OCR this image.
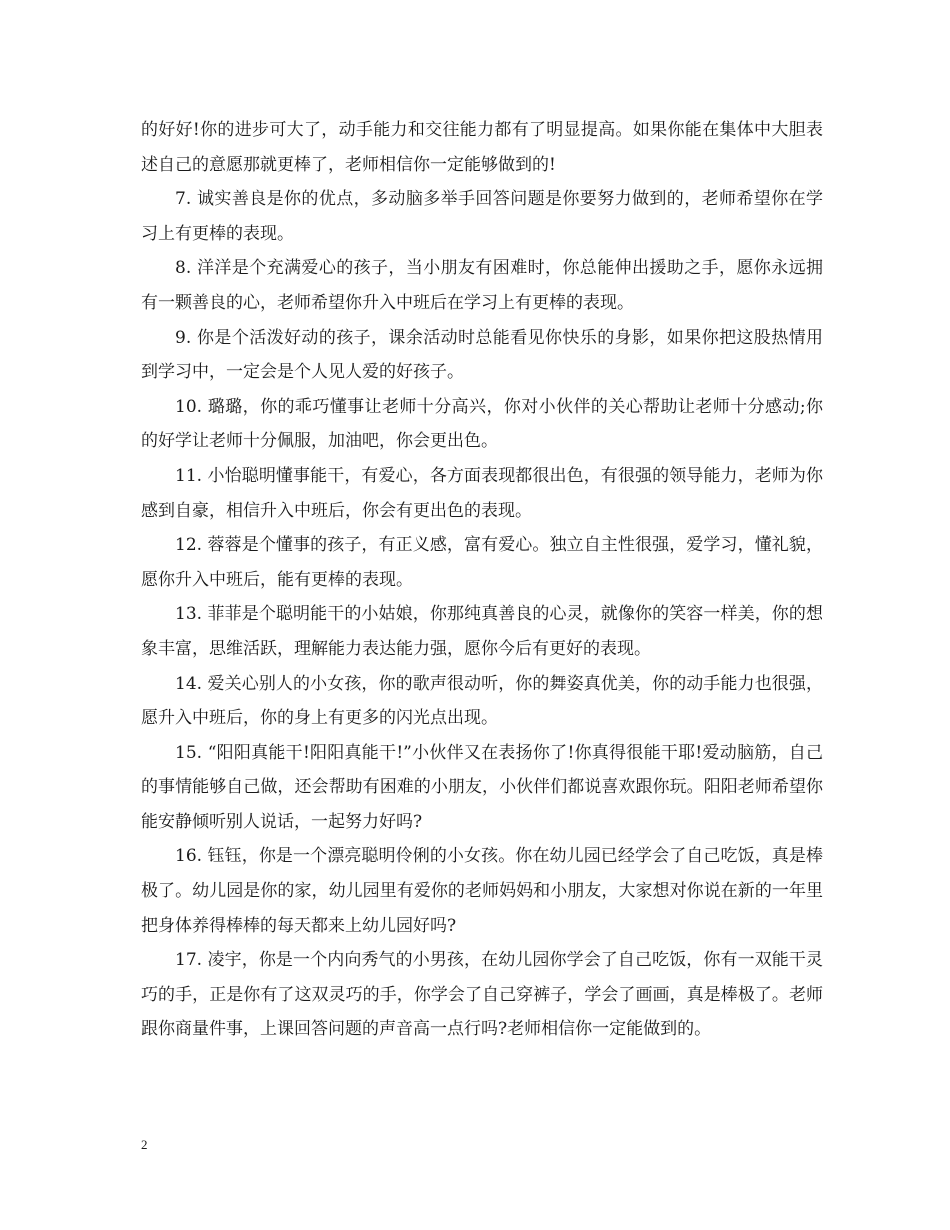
的好好!你的进步可大了，动手能力和交往能力都有了明显提高。如果你能在集体中大胆表述自己的意愿那就更棒了，老师相信你一定能够做到的!

7. 诚实善良是你的优点，多动脑多举手回答问题是你要努力做到的，老师希望你在学习上有更棒的表现。

8. 洋洋是个充满爱心的孩子，当小朋友有困难时，你总能伸出援助之手，愿你永远拥有一颗善良的心，老师希望你升入中班后在学习上有更棒的表现。

9. 你是个活泼好动的孩子，课余活动时总能看见你快乐的身影，如果你把这股热情用到学习中，一定会是个人见人爱的好孩子。

10. 璐璐，你的乖巧懂事让老师十分高兴，你对小伙伴的关心帮助让老师十分感动;你的好学让老师十分佩服，加油吧，你会更出色。

11. 小怡聪明懂事能干，有爱心，各方面表现都很出色，有很强的领导能力，老师为你感到自豪，相信升入中班后，你会有更出色的表现。

12. 蓉蓉是个懂事的孩子，有正义感，富有爱心。独立自主性很强，爱学习，懂礼貌，愿你升入中班后，能有更棒的表现。

13. 菲菲是个聪明能干的小姑娘，你那纯真善良的心灵，就像你的笑容一样美，你的想象丰富，思维活跃，理解能力表达能力强，愿你今后有更好的表现。

14. 爱关心别人的小女孩，你的歌声很动听，你的舞姿真优美，你的动手能力也很强，愿升入中班后，你的身上有更多的闪光点出现。

15. “阳阳真能干!阳阳真能干!”小伙伴又在表扬你了!你真得很能干耶!爱动脑筋，自己的事情能够自己做，还会帮助有困难的小朋友，小伙伴们都说喜欢跟你玩。阳阳老师希望你能安静倾听别人说话，一起努力好吗?

16. 钰钰，你是一个漂亮聪明伶俐的小女孩。你在幼儿园已经学会了自己吃饭，真是棒极了。幼儿园是你的家，幼儿园里有爱你的老师妈妈和小朋友，大家想对你说在新的一年里把身体养得棒棒的每天都来上幼儿园好吗?

17. 凌宇，你是一个内向秀气的小男孩，在幼儿园你学会了自己吃饭，你有一双能干灵巧的手，正是你有了这双灵巧的手，你学会了自己穿裤子，学会了画画，真是棒极了。老师跟你商量件事，上课回答问题的声音高一点行吗?老师相信你一定能做到的。

2
